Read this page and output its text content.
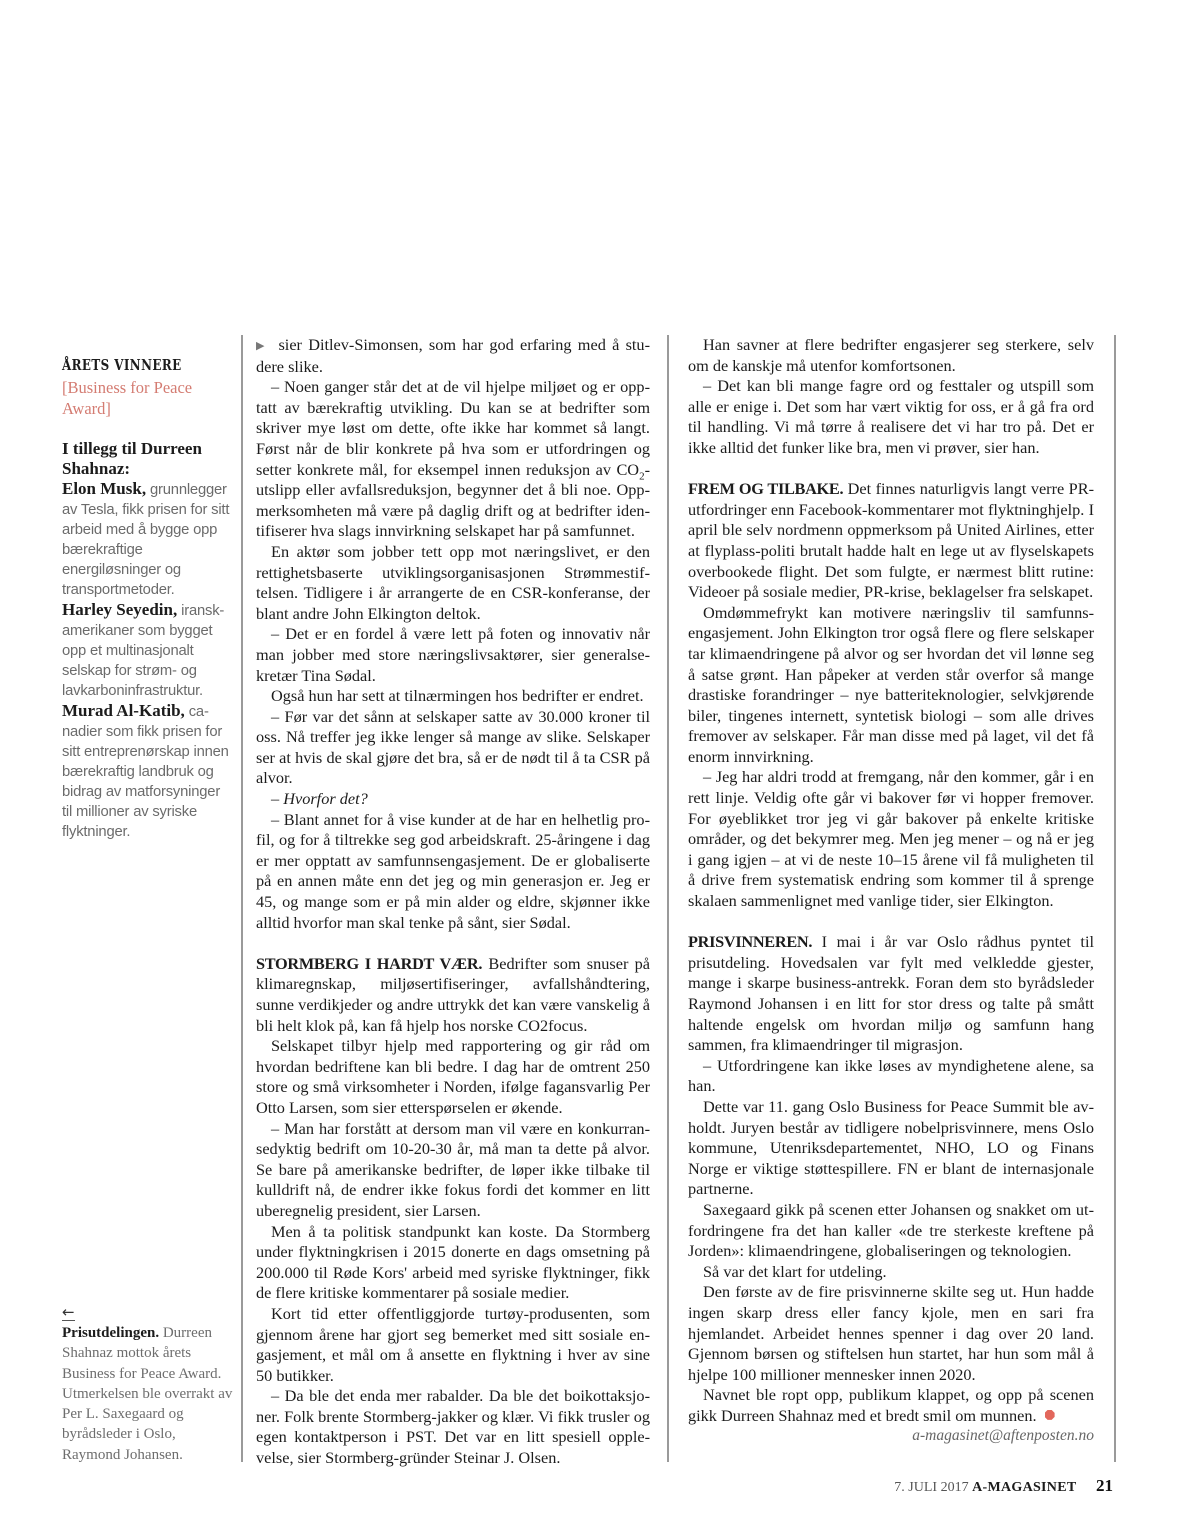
ÅRETS VINNERE
[Business for Peace Award]
I tillegg til Durreen Shahnaz:
Elon Musk, grunnlegger av Tesla, fikk prisen for sitt arbeid med å bygge opp bærekraftige energiløsninger og transportmetoder.
Harley Seyedin, iransk-amerikaner som bygget opp et multinasjonalt selskap for strøm- og lavkarboninfrastruktur.
Murad Al-Katib, canadier som fikk prisen for sitt entreprenørskap innen bærekraftig landbruk og bidrag av matforsyninger til millioner av syriske flyktninger.
←
Prisutdelingen. Durreen Shahnaz mottok årets Business for Peace Award. Utmerkelsen ble overrakt av Per L. Saxegaard og byrådsleder i Oslo, Raymond Johansen.

▶ sier Ditlev-Simonsen, som har god erfaring med å studere slike.

– Noen ganger står det at de vil hjelpe miljøet og er opptatt av bærekraftig utvikling. Du kan se at bedrifter som skriver mye løst om dette, ofte ikke har kommet så langt. Først når de blir konkrete på hva som er utfordringen og setter konkrete mål, for eksempel innen reduksjon av $CO_2$-utslipp eller avfallsreduksjon, begynner det å bli noe. Oppmerksomheten må være på daglig drift og at bedrifter identifiserer hva slags innvirkning selskapet har på samfunnet.

En aktør som jobber tett opp mot næringslivet, er den rettighetsbaserte utviklingsorganisasjonen Strømmestiftelsen. Tidligere i år arrangerte de en CSR-konferanse, der blant andre John Elkington deltok.

– Det er en fordel å være lett på foten og innovativ når man jobber med store næringslivsaktører, sier generalsekretær Tina Sødal.

Også hun har sett at tilnærmingen hos bedrifter er endret.

– Før var det sånn at selskaper satte av 30.000 kroner til oss. Nå treffer jeg ikke lenger så mange av slike. Selskaper ser at hvis de skal gjøre det bra, så er de nødt til å ta CSR på alvor.

– Hvorfor det?

– Blant annet for å vise kunder at de har en helhetlig profil, og for å tiltrekke seg god arbeidskraft. 25-åringene i dag er mer opptatt av samfunnsengasjement. De er globaliserte på en annen måte enn det jeg og min generasjon er. Jeg er 45, og mange som er på min alder og eldre, skjønner ikke alltid hvorfor man skal tenke på sånt, sier Sødal.

STORMBERG I HARDT VÆR. Bedrifter som snuser på klimaregnskap, miljøsertifiseringer, avfallshåndtering, sunne verdikjeder og andre uttrykk det kan være vanskelig å bli helt klok på, kan få hjelp hos norske CO2focus.

Selskapet tilbyr hjelp med rapportering og gir råd om hvordan bedriftene kan bli bedre. I dag har de omtrent 250 store og små virksomheter i Norden, ifølge fagansvarlig Per Otto Larsen, som sier etterspørselen er økende.

– Man har forstått at dersom man vil være en konkurransedyktig bedrift om 10-20-30 år, må man ta dette på alvor. Se bare på amerikanske bedrifter, de løper ikke tilbake til kulldrift nå, de endrer ikke fokus fordi det kommer en litt uberegnelig president, sier Larsen.

Men å ta politisk standpunkt kan koste. Da Stormberg under flyktningkrisen i 2015 donerte en dags omsetning på 200.000 til Røde Kors' arbeid med syriske flyktninger, fikk de flere kritiske kommentarer på sosiale medier.

Kort tid etter offentliggjorde turtøy-produsenten, som gjennom årene har gjort seg bemerket med sitt sosiale engasjement, et mål om å ansette en flyktning i hver av sine 50 butikker.

– Da ble det enda mer rabalder. Da ble det boikottaksjoner. Folk brente Stormberg-jakker og klær. Vi fikk trusler og egen kontaktperson i PST. Det var en litt spesiell opplevelse, sier Stormberg-gründer Steinar J. Olsen.

Han savner at flere bedrifter engasjerer seg sterkere, selv om de kanskje må utenfor komfortsonen.

– Det kan bli mange fagre ord og festtaler og utspill som alle er enige i. Det som har vært viktig for oss, er å gå fra ord til handling. Vi må tørre å realisere det vi har tro på. Det er ikke alltid det funker like bra, men vi prøver, sier han.

FREM OG TILBAKE. Det finnes naturligvis langt verre PR-utfordringer enn Facebook-kommentarer mot flyktninghjelp. I april ble selv nordmenn oppmerksom på United Airlines, etter at flyplass-politi brutalt hadde halt en lege ut av flyselskapets overbookede flight. Det som fulgte, er nærmest blitt rutine: Videoer på sosiale medier, PR-krise, beklagelser fra selskapet.

Omdømmefrykt kan motivere næringsliv til samfunnsengasjement. John Elkington tror også flere og flere selskaper tar klimaendringene på alvor og ser hvordan det vil lønne seg å satse grønt. Han påpeker at verden står overfor så mange drastiske forandringer – nye batteriteknologier, selvkjørende biler, tingenes internett, syntetisk biologi – som alle drives fremover av selskaper. Får man disse med på laget, vil det få enorm innvirkning.

– Jeg har aldri trodd at fremgang, når den kommer, går i en rett linje. Veldig ofte går vi bakover før vi hopper fremover. For øyeblikket tror jeg vi går bakover på enkelte kritiske områder, og det bekymrer meg. Men jeg mener – og nå er jeg i gang igjen – at vi de neste 10–15 årene vil få muligheten til å drive frem systematisk endring som kommer til å sprenge skalaen sammenlignet med vanlige tider, sier Elkington.

PRISVINNEREN. I mai i år var Oslo rådhus pyntet til prisutdeling. Hovedsalen var fylt med velkledde gjester, mange i skarpe business-antrekk. Foran dem sto byrådsleder Raymond Johansen i en litt for stor dress og talte på smått haltende engelsk om hvordan miljø og samfunn hang sammen, fra klimaendringer til migrasjon.

– Utfordringene kan ikke løses av myndighetene alene, sa han.

Dette var 11. gang Oslo Business for Peace Summit ble avholdt. Juryen består av tidligere nobelprisvinnere, mens Oslo kommune, Utenriksdepartementet, NHO, LO og Finans Norge er viktige støttespillere. FN er blant de internasjonale partnerne.

Saxegaard gikk på scenen etter Johansen og snakket om utfordringene fra det han kaller «de tre sterkeste kreftene på Jorden»: klimaendringene, globaliseringen og teknologien.

Så var det klart for utdeling.

Den første av de fire prisvinnerne skilte seg ut. Hun hadde ingen skarp dress eller fancy kjole, men en sari fra hjemlandet. Arbeidet hennes spenner i dag over 20 land. Gjennom børsen og stiftelsen hun startet, har hun som mål å hjelpe 100 millioner mennesker innen 2020.

Navnet ble ropt opp, publikum klappet, og opp på scenen gikk Durreen Shahnaz med et bredt smil om munnen.

a-magasinet@aftenposten.no
7. JULI 2017 A-MAGASINET 21
